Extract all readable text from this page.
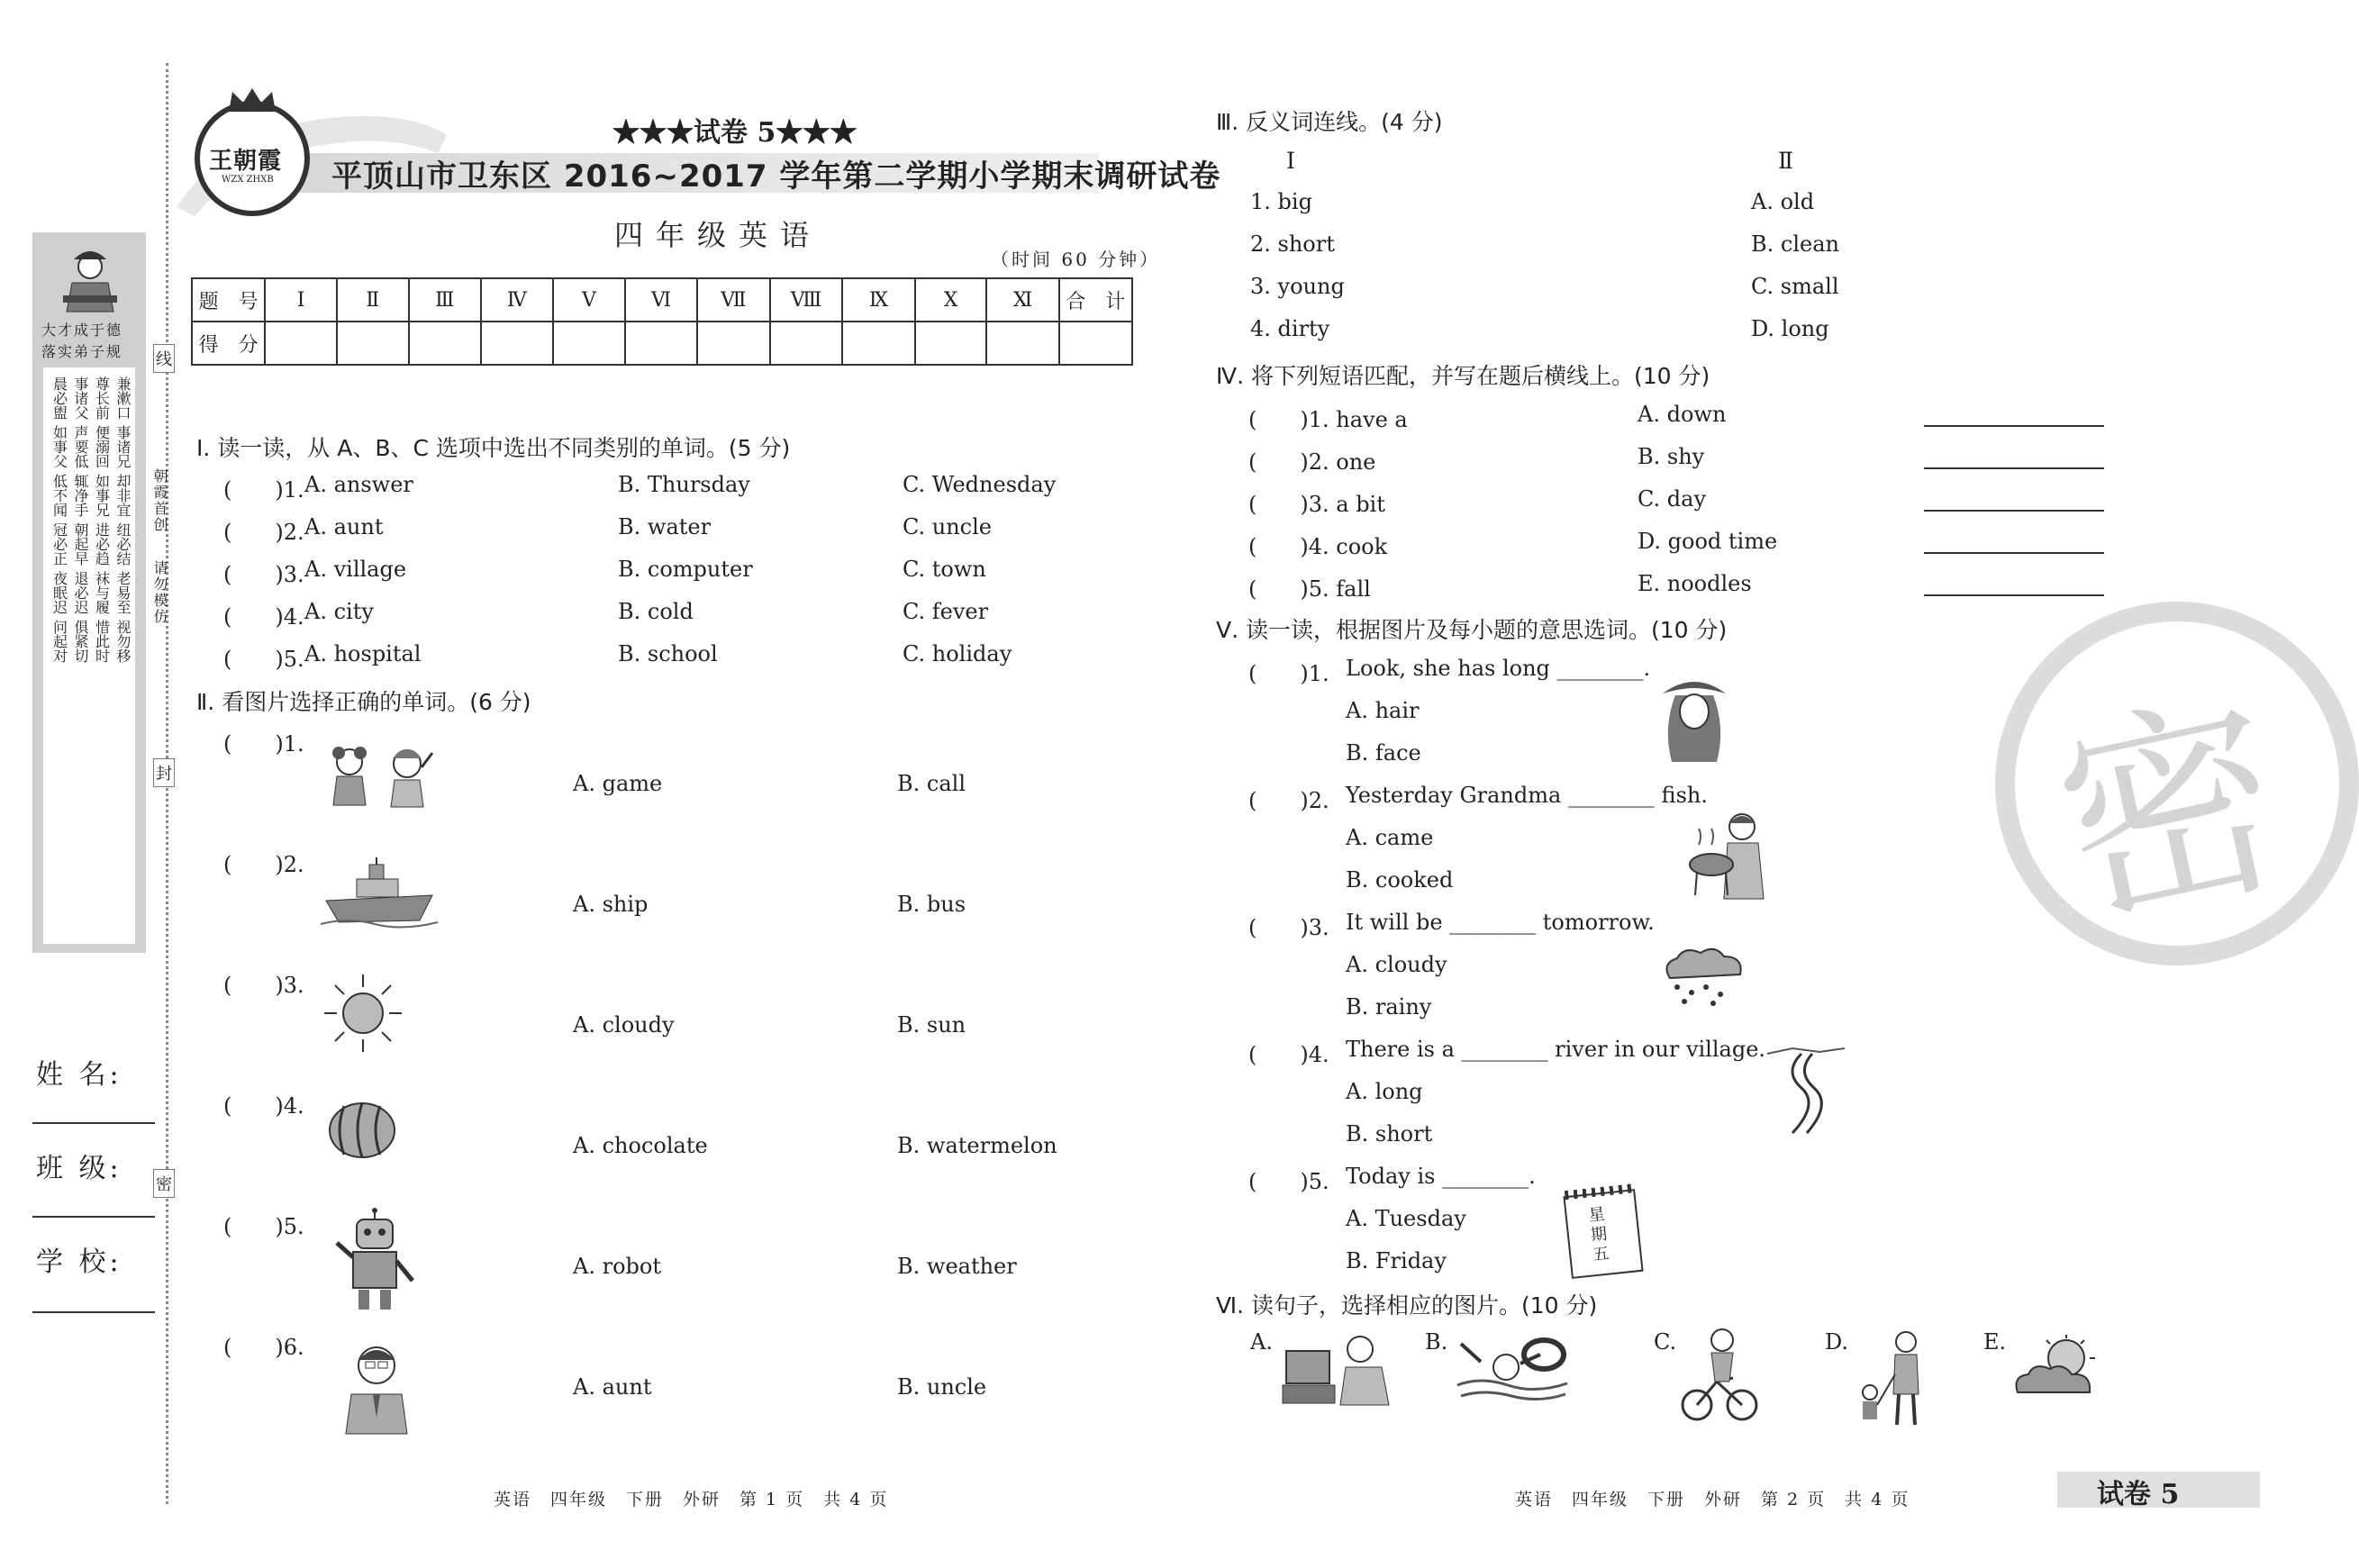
线
封
密
朝霞首创
请勿模仿
大才成于德
落实弟子规
晨必盥 事诸父 尊长前 兼漱口
如事父 声要低 便溺回 事诸兄
低不闻 辄净手 如事兄 却非宜
冠必正 朝起早 进必趋 纽必结
夜眠迟 退必迟 袜与履 老易至
问起对 俱紧切 惜此时 视勿移
姓 名:
班 级:
学 校:
王朝霞
WZX ZHXB
★★★试卷 5★★★
平顶山市卫东区 2016~2017 学年第二学期小学期末调研试卷
四年级英语
（时间 60 分钟）
题　号	Ⅰ	Ⅱ	Ⅲ	Ⅳ	Ⅴ	Ⅵ	Ⅶ	Ⅷ	Ⅸ	Ⅹ	Ⅺ	合　计
得　分												
Ⅰ. 读一读，从 A、B、C 选项中选出不同类别的单词。(5 分)
(　　)1. A. answer	B. Thursday	C. Wednesday
(　　)2. A. aunt	B. water	C. uncle
(　　)3. A. village	B. computer	C. town
(　　)4. A. city	B. cold	C. fever
(　　)5. A. hospital	B. school	C. holiday
Ⅱ. 看图片选择正确的单词。(6 分)
(　　)1.
A. game	B. call
(　　)2.
A. ship	B. bus
(　　)3.
A. cloudy	B. sun
(　　)4.
A. chocolate	B. watermelon
(　　)5.
A. robot	B. weather
(　　)6.
A. aunt	B. uncle
Ⅲ. 反义词连线。(4 分)
Ⅰ	Ⅱ
1. big
2. short
3. young
4. dirty
A. old
B. clean
C. small
D. long
Ⅳ. 将下列短语匹配，并写在题后横线上。(10 分)
(　　)1. have a	A. down
(　　)2. one	B. shy
(　　)3. a bit	C. day
(　　)4. cook	D. good time
(　　)5. fall	E. noodles
Ⅴ. 读一读，根据图片及每小题的意思选词。(10 分)
(　　)1. Look, she has long ________.
A. hair
B. face
(　　)2. Yesterday Grandma ________ fish.
A. came
B. cooked
(　　)3. It will be ________ tomorrow.
A. cloudy
B. rainy
(　　)4. There is a ________ river in our village.
A. long
B. short
(　　)5. Today is ________.
A. Tuesday
B. Friday
星
期
五
Ⅵ. 读句子，选择相应的图片。(10 分)
A.	B.	C.	D.	E.
密
英语　四年级　下册　外研　第 1 页　共 4 页	英语　四年级　下册　外研　第 2 页　共 4 页	试卷 5
